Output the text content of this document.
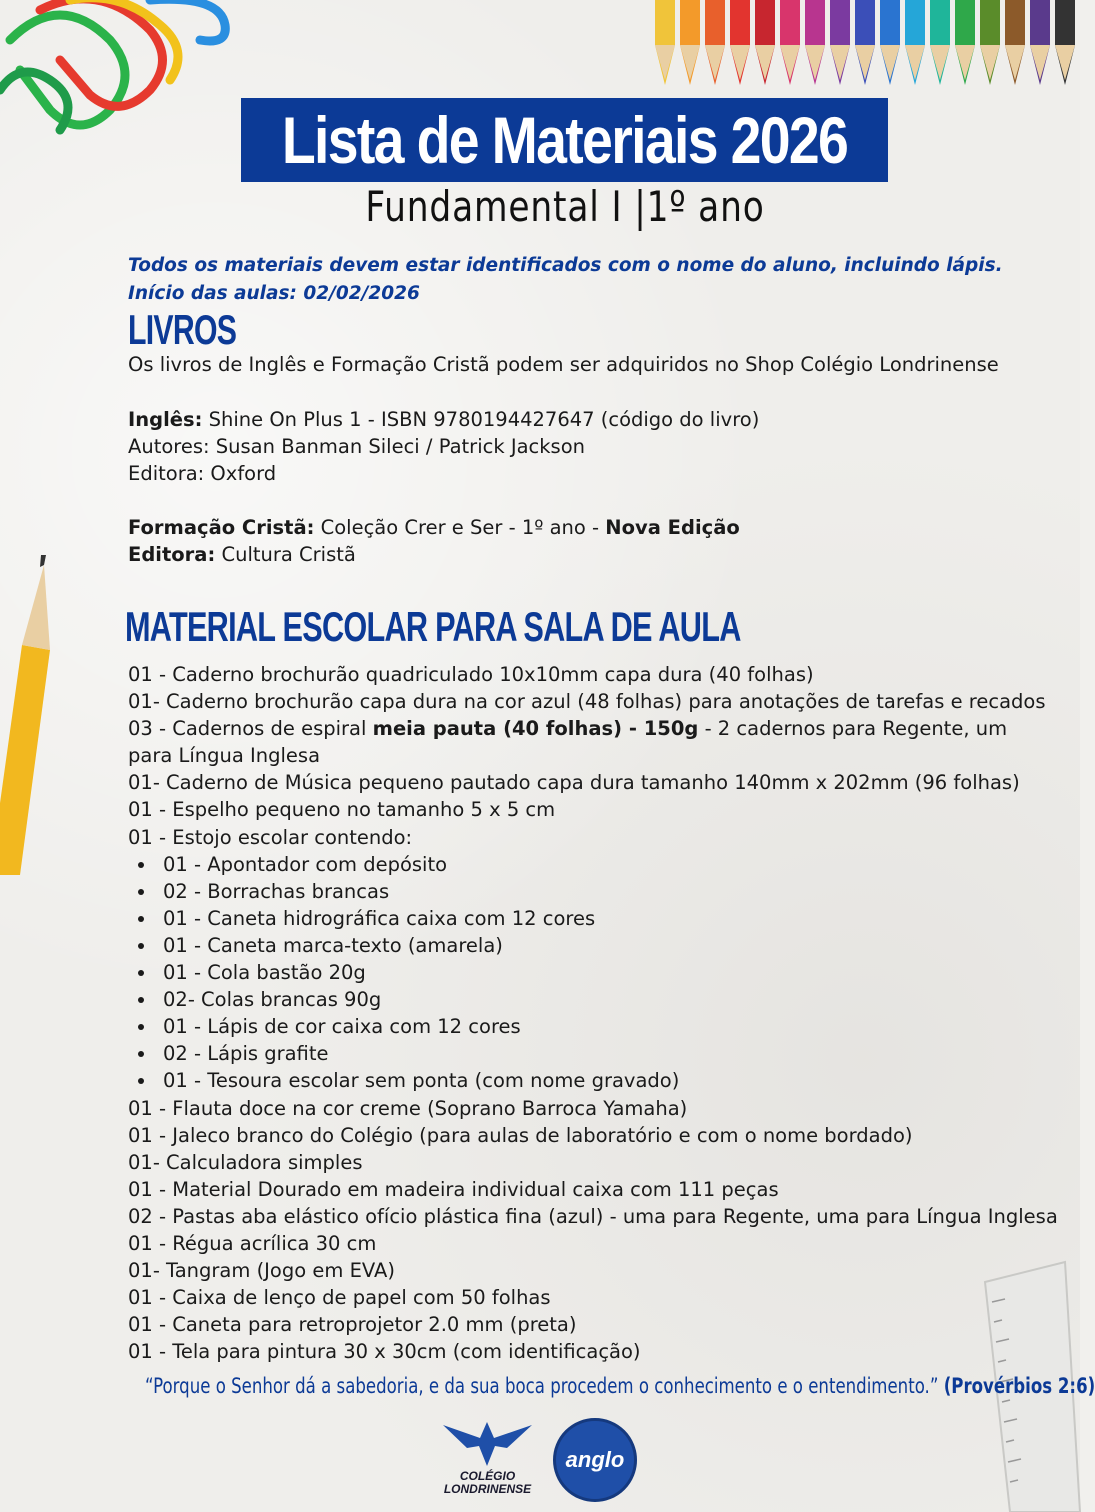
Lista de Materiais 2026
Fundamental I |1º ano
Todos os materiais devem estar identificados com o nome do aluno, incluindo lápis.
Início das aulas: 02/02/2026
LIVROS
Os livros de Inglês e Formação Cristã podem ser adquiridos no Shop Colégio Londrinense
Inglês: Shine On Plus 1 - ISBN 9780194427647 (código do livro)
Autores: Susan Banman Sileci / Patrick Jackson
Editora: Oxford
Formação Cristã: Coleção Crer e Ser - 1º ano - Nova Edição
Editora: Cultura Cristã
MATERIAL ESCOLAR PARA SALA DE AULA
01 - Caderno brochurão quadriculado 10x10mm capa dura (40 folhas)
01- Caderno brochurão capa dura na cor azul (48 folhas) para anotações de tarefas e recados
03 - Cadernos de espiral meia pauta (40 folhas) - 150g - 2 cadernos para Regente, um para Língua Inglesa
01- Caderno de Música pequeno pautado capa dura tamanho 140mm x 202mm (96 folhas)
01 - Espelho pequeno no tamanho 5 x 5 cm
01 - Estojo escolar contendo:
01 - Apontador com depósito
02 - Borrachas brancas
01 - Caneta hidrográfica caixa com 12 cores
01 - Caneta marca-texto (amarela)
01 - Cola bastão 20g
02- Colas brancas 90g
01 - Lápis de cor caixa com 12 cores
02 - Lápis grafite
01 - Tesoura escolar sem ponta (com nome gravado)
01 - Flauta doce na cor creme (Soprano Barroca Yamaha)
01 - Jaleco branco do Colégio (para aulas de laboratório e com o nome bordado)
01- Calculadora simples
01 - Material Dourado em madeira individual caixa com 111 peças
02 - Pastas aba elástico ofício plástica fina (azul) - uma para Regente, uma para Língua Inglesa
01 - Régua acrílica 30 cm
01- Tangram (Jogo em EVA)
01 - Caixa de lenço de papel com 50 folhas
01 - Caneta para retroprojetor 2.0 mm (preta)
01 - Tela para pintura 30 x 30cm (com identificação)
“Porque o Senhor dá a sabedoria, e da sua boca procedem o conhecimento e o entendimento.” (Provérbios 2:6)
COLÉGIO
LONDRINENSE
anglo
